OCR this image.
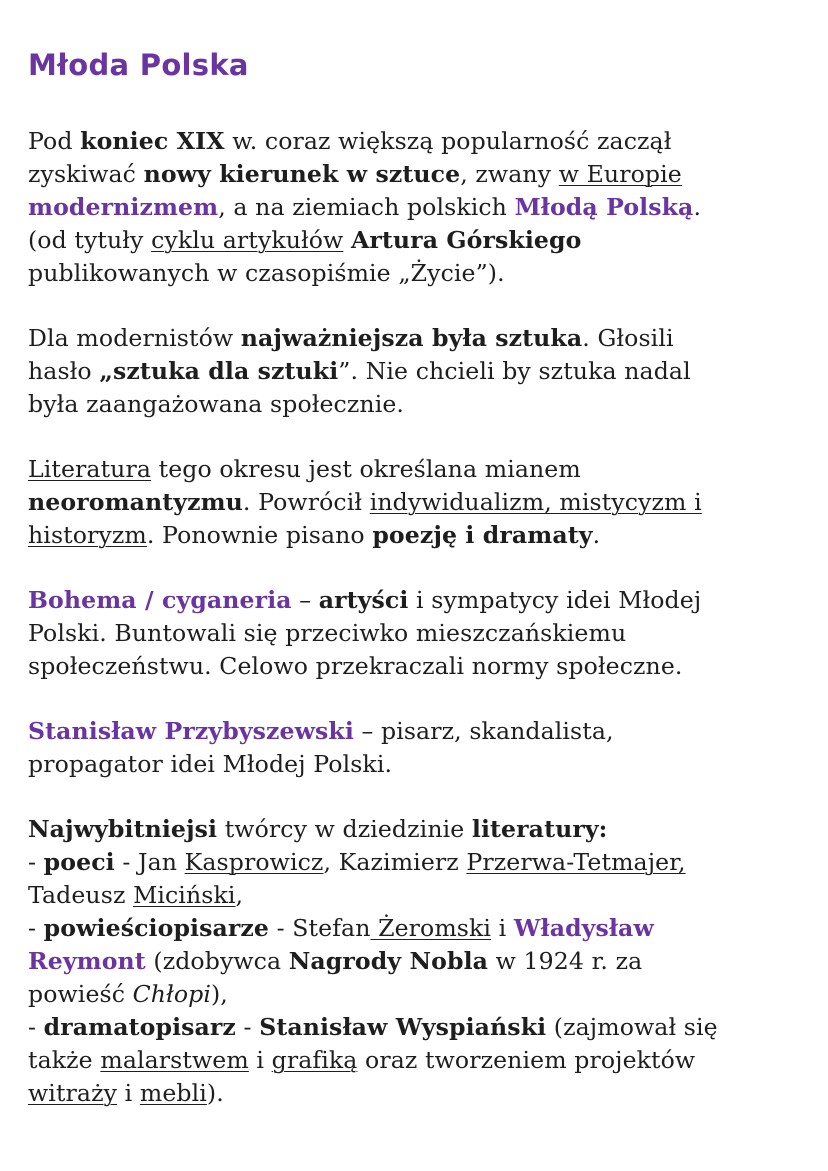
Młoda Polska
Pod koniec XIX w. coraz większą popularność zaczął
zyskiwać nowy kierunek w sztuce, zwany w Europie
modernizmem, a na ziemiach polskich Młodą Polską.
(od tytuły cyklu artykułów Artura Górskiego
publikowanych w czasopiśmie „Życie”).
Dla modernistów najważniejsza była sztuka. Głosili
hasło „sztuka dla sztuki”. Nie chcieli by sztuka nadal
była zaangażowana społecznie.
Literatura tego okresu jest określana mianem
neoromantyzmu. Powrócił indywidualizm, mistycyzm i
historyzm. Ponownie pisano poezję i dramaty.
Bohema / cyganeria – artyści i sympatycy idei Młodej
Polski. Buntowali się przeciwko mieszczańskiemu
społeczeństwu. Celowo przekraczali normy społeczne.
Stanisław Przybyszewski – pisarz, skandalista,
propagator idei Młodej Polski.
Najwybitniejsi twórcy w dziedzinie literatury:
- poeci - Jan Kasprowicz, Kazimierz Przerwa-Tetmajer,
Tadeusz Miciński,
- powieściopisarze - Stefan Żeromski i Władysław
Reymont (zdobywca Nagrody Nobla w 1924 r. za
powieść Chłopi),
- dramatopisarz - Stanisław Wyspiański (zajmował się
także malarstwem i grafiką oraz tworzeniem projektów
witraży i mebli).
